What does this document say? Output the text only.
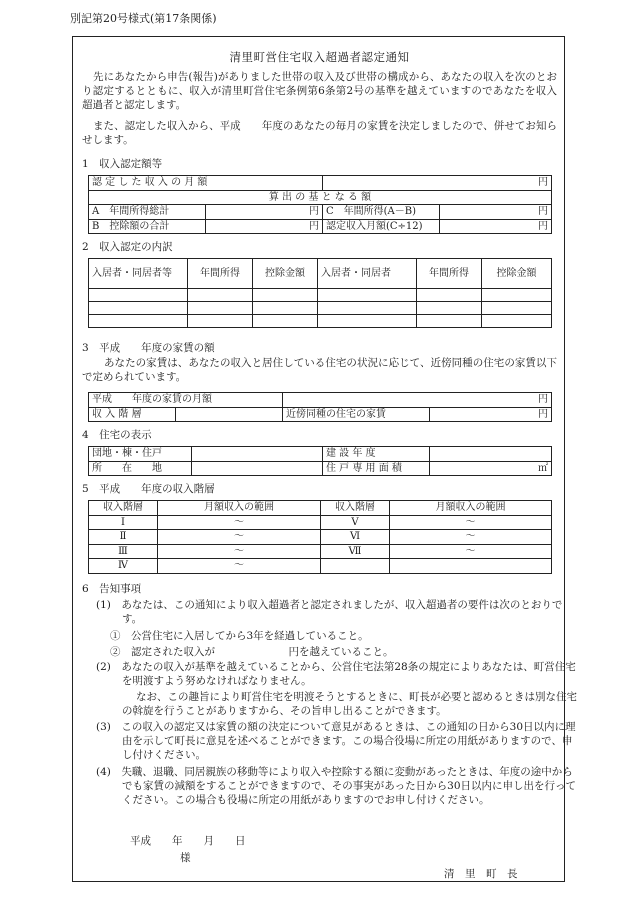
別記第20号様式(第17条関係)
清里町営住宅収入超過者認定通知
先にあなたから申告(報告)がありました世帯の収入及び世帯の構成から、あなたの収入を次のとおり認定するとともに、収入が清里町営住宅条例第6条第2号の基準を越えていますのであなたを収入超過者と認定します。
また、認定した収入から、平成　　年度のあなたの毎月の家賃を決定しましたので、併せてお知らせします。
1　収入認定額等
認 定 し た 収 入 の 月 額		円	
算 出 の 基 と な る 額			
A　年間所得総計	円	C　年間所得(A－B)	円
B　控除額の合計	円	認定収入月額(C÷12)	円
2　収入認定の内訳
入居者・同居者等	年間所得	控除金額	入居者・同居者	年間所得	控除金額

3　平成　　年度の家賃の額
あなたの家賃は、あなたの収入と居住している住宅の状況に応じて、近傍同種の住宅の家賃以下で定められています。
平成　　年度の家賃の月額		円	
収 入 階 層		近傍同種の住宅の家賃	円
4　住宅の表示
団地・棟・住戸		建 設 年 度	
所　　在　　地		住 戸 専 用 面 積	㎡
5　平成　　年度の収入階層
収入階層	月額収入の範囲	収入階層	月額収入の範囲
Ⅰ	～	Ⅴ	～
Ⅱ	～	Ⅵ	～
Ⅲ	～	Ⅶ	～
Ⅳ	～		
6　告知事項
(1)　あなたは、この通知により収入超過者と認定されましたが、収入超過者の要件は次のとおりです。
①　公営住宅に入居してから3年を経過していること。
②　認定された収入が　　　　　　　円を越えていること。
(2)　あなたの収入が基準を越えていることから、公営住宅法第28条の規定によりあなたは、町営住宅を明渡すよう努めなければなりません。
なお、この趣旨により町営住宅を明渡そうとするときに、町長が必要と認めるときは別な住宅の斡旋を行うことがありますから、その旨申し出ることができます。
(3)　この収入の認定又は家賃の額の決定について意見があるときは、この通知の日から30日以内に理由を示して町長に意見を述べることができます。この場合役場に所定の用紙がありますので、申し付けください。
(4)　失職、退職、同居親族の移動等により収入や控除する額に変動があったときは、年度の途中からでも家賃の減額をすることができますので、その事実があった日から30日以内に申し出を行ってください。この場合も役場に所定の用紙がありますのでお申し付けください。
平成　　年　　月　　日
様
清　里　町　長
